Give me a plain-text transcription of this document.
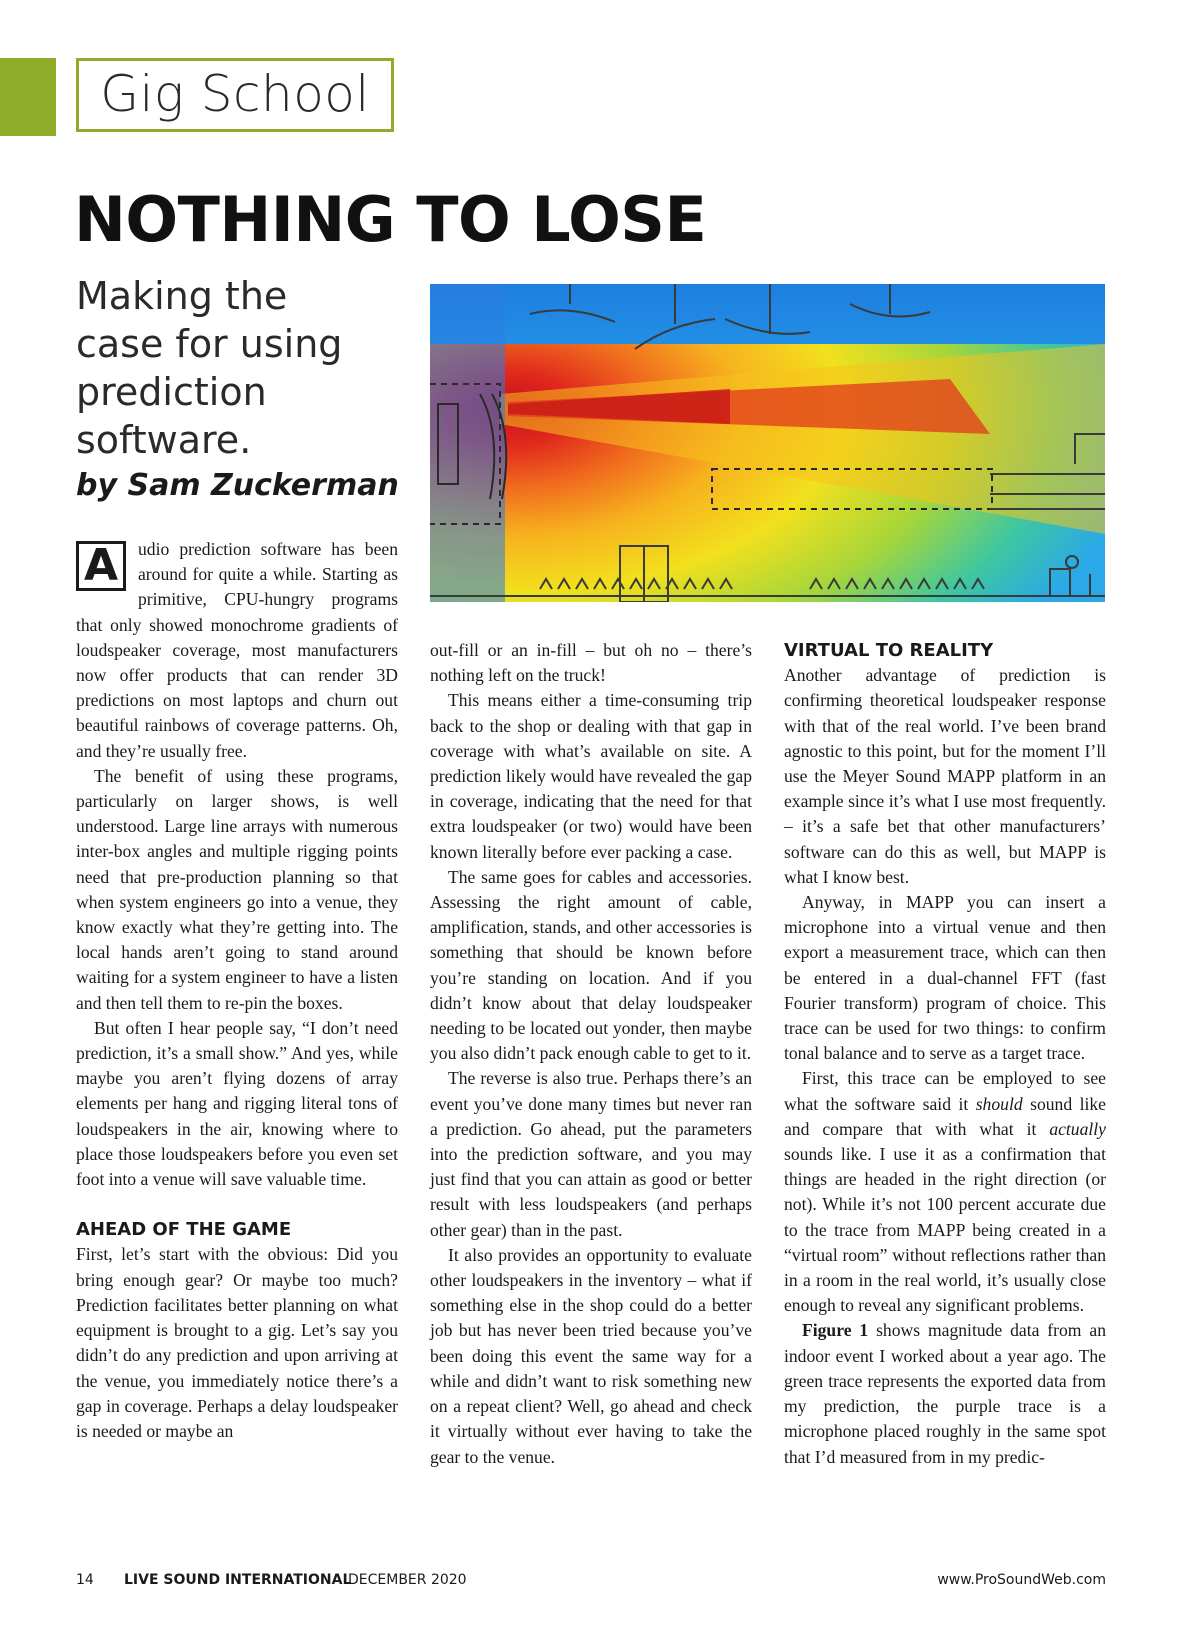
Gig School
NOTHING TO LOSE
Making the case for using prediction software.

by Sam Zuckerman

A	udio prediction software has been around for quite a while. Starting as primitive, CPU-hungry programs that only showed monochrome gradients of loudspeaker coverage, most manufacturers now offer products that can render 3D predictions on most laptops and churn out beautiful rainbows of coverage patterns. Oh, and they’re usually free.

The benefit of using these programs, particularly on larger shows, is well understood. Large line arrays with numerous inter-box angles and multiple rigging points need that pre-production planning so that when system engineers go into a venue, they know exactly what they’re getting into. The local hands aren’t going to stand around waiting for a system engineer to have a listen and then tell them to re-pin the boxes.

But often I hear people say, “I don’t need prediction, it’s a small show.” And yes, while maybe you aren’t flying dozens of array elements per hang and rigging literal tons of loudspeakers in the air, knowing where to place those loudspeakers before you even set foot into a venue will save valuable time.

AHEAD OF THE GAME

First, let’s start with the obvious: Did you bring enough gear? Or maybe too much? Prediction facilitates better planning on what equipment is brought to a gig. Let’s say you didn’t do any prediction and upon arriving at the venue, you immediately notice there’s a gap in coverage. Perhaps a delay loudspeaker is needed or maybe an

out-fill or an in-fill – but oh no – there’s nothing left on the truck!

This means either a time-consuming trip back to the shop or dealing with that gap in coverage with what’s available on site. A prediction likely would have revealed the gap in coverage, indicating that the need for that extra loudspeaker (or two) would have been known literally before ever packing a case.

The same goes for cables and accessories. Assessing the right amount of cable, amplification, stands, and other accessories is something that should be known before you’re standing on location. And if you didn’t know about that delay loudspeaker needing to be located out yonder, then maybe you also didn’t pack enough cable to get to it.

The reverse is also true. Perhaps there’s an event you’ve done many times but never ran a prediction. Go ahead, put the parameters into the prediction software, and you may just find that you can attain as good or better result with less loudspeakers (and perhaps other gear) than in the past.

It also provides an opportunity to evaluate other loudspeakers in the inventory – what if something else in the shop could do a better job but has never been tried because you’ve been doing this event the same way for a while and didn’t want to risk something new on a repeat client? Well, go ahead and check it virtually without ever having to take the gear to the venue.

VIRTUAL TO REALITY

Another advantage of prediction is confirming theoretical loudspeaker response with that of the real world. I’ve been brand agnostic to this point, but for the moment I’ll use the Meyer Sound MAPP platform in an example since it’s what I use most frequently. – it’s a safe bet that other manufacturers’ software can do this as well, but MAPP is what I know best.

Anyway, in MAPP you can insert a microphone into a virtual venue and then export a measurement trace, which can then be entered in a dual-channel FFT (fast Fourier transform) program of choice. This trace can be used for two things: to confirm tonal balance and to serve as a target trace.

First, this trace can be employed to see what the software said it should sound like and compare that with what it actually sounds like. I use it as a confirmation that things are headed in the right direction (or not). While it’s not 100 percent accurate due to the trace from MAPP being created in a “virtual room” without reflections rather than in a room in the real world, it’s usually close enough to reveal any significant problems.

Figure 1 shows magnitude data from an indoor event I worked about a year ago. The green trace represents the exported data from my prediction, the purple trace is a microphone placed roughly in the same spot that I’d measured from in my predic-

14 LIVE SOUND INTERNATIONAL
DECEMBER 2020	www.ProSoundWeb.com
